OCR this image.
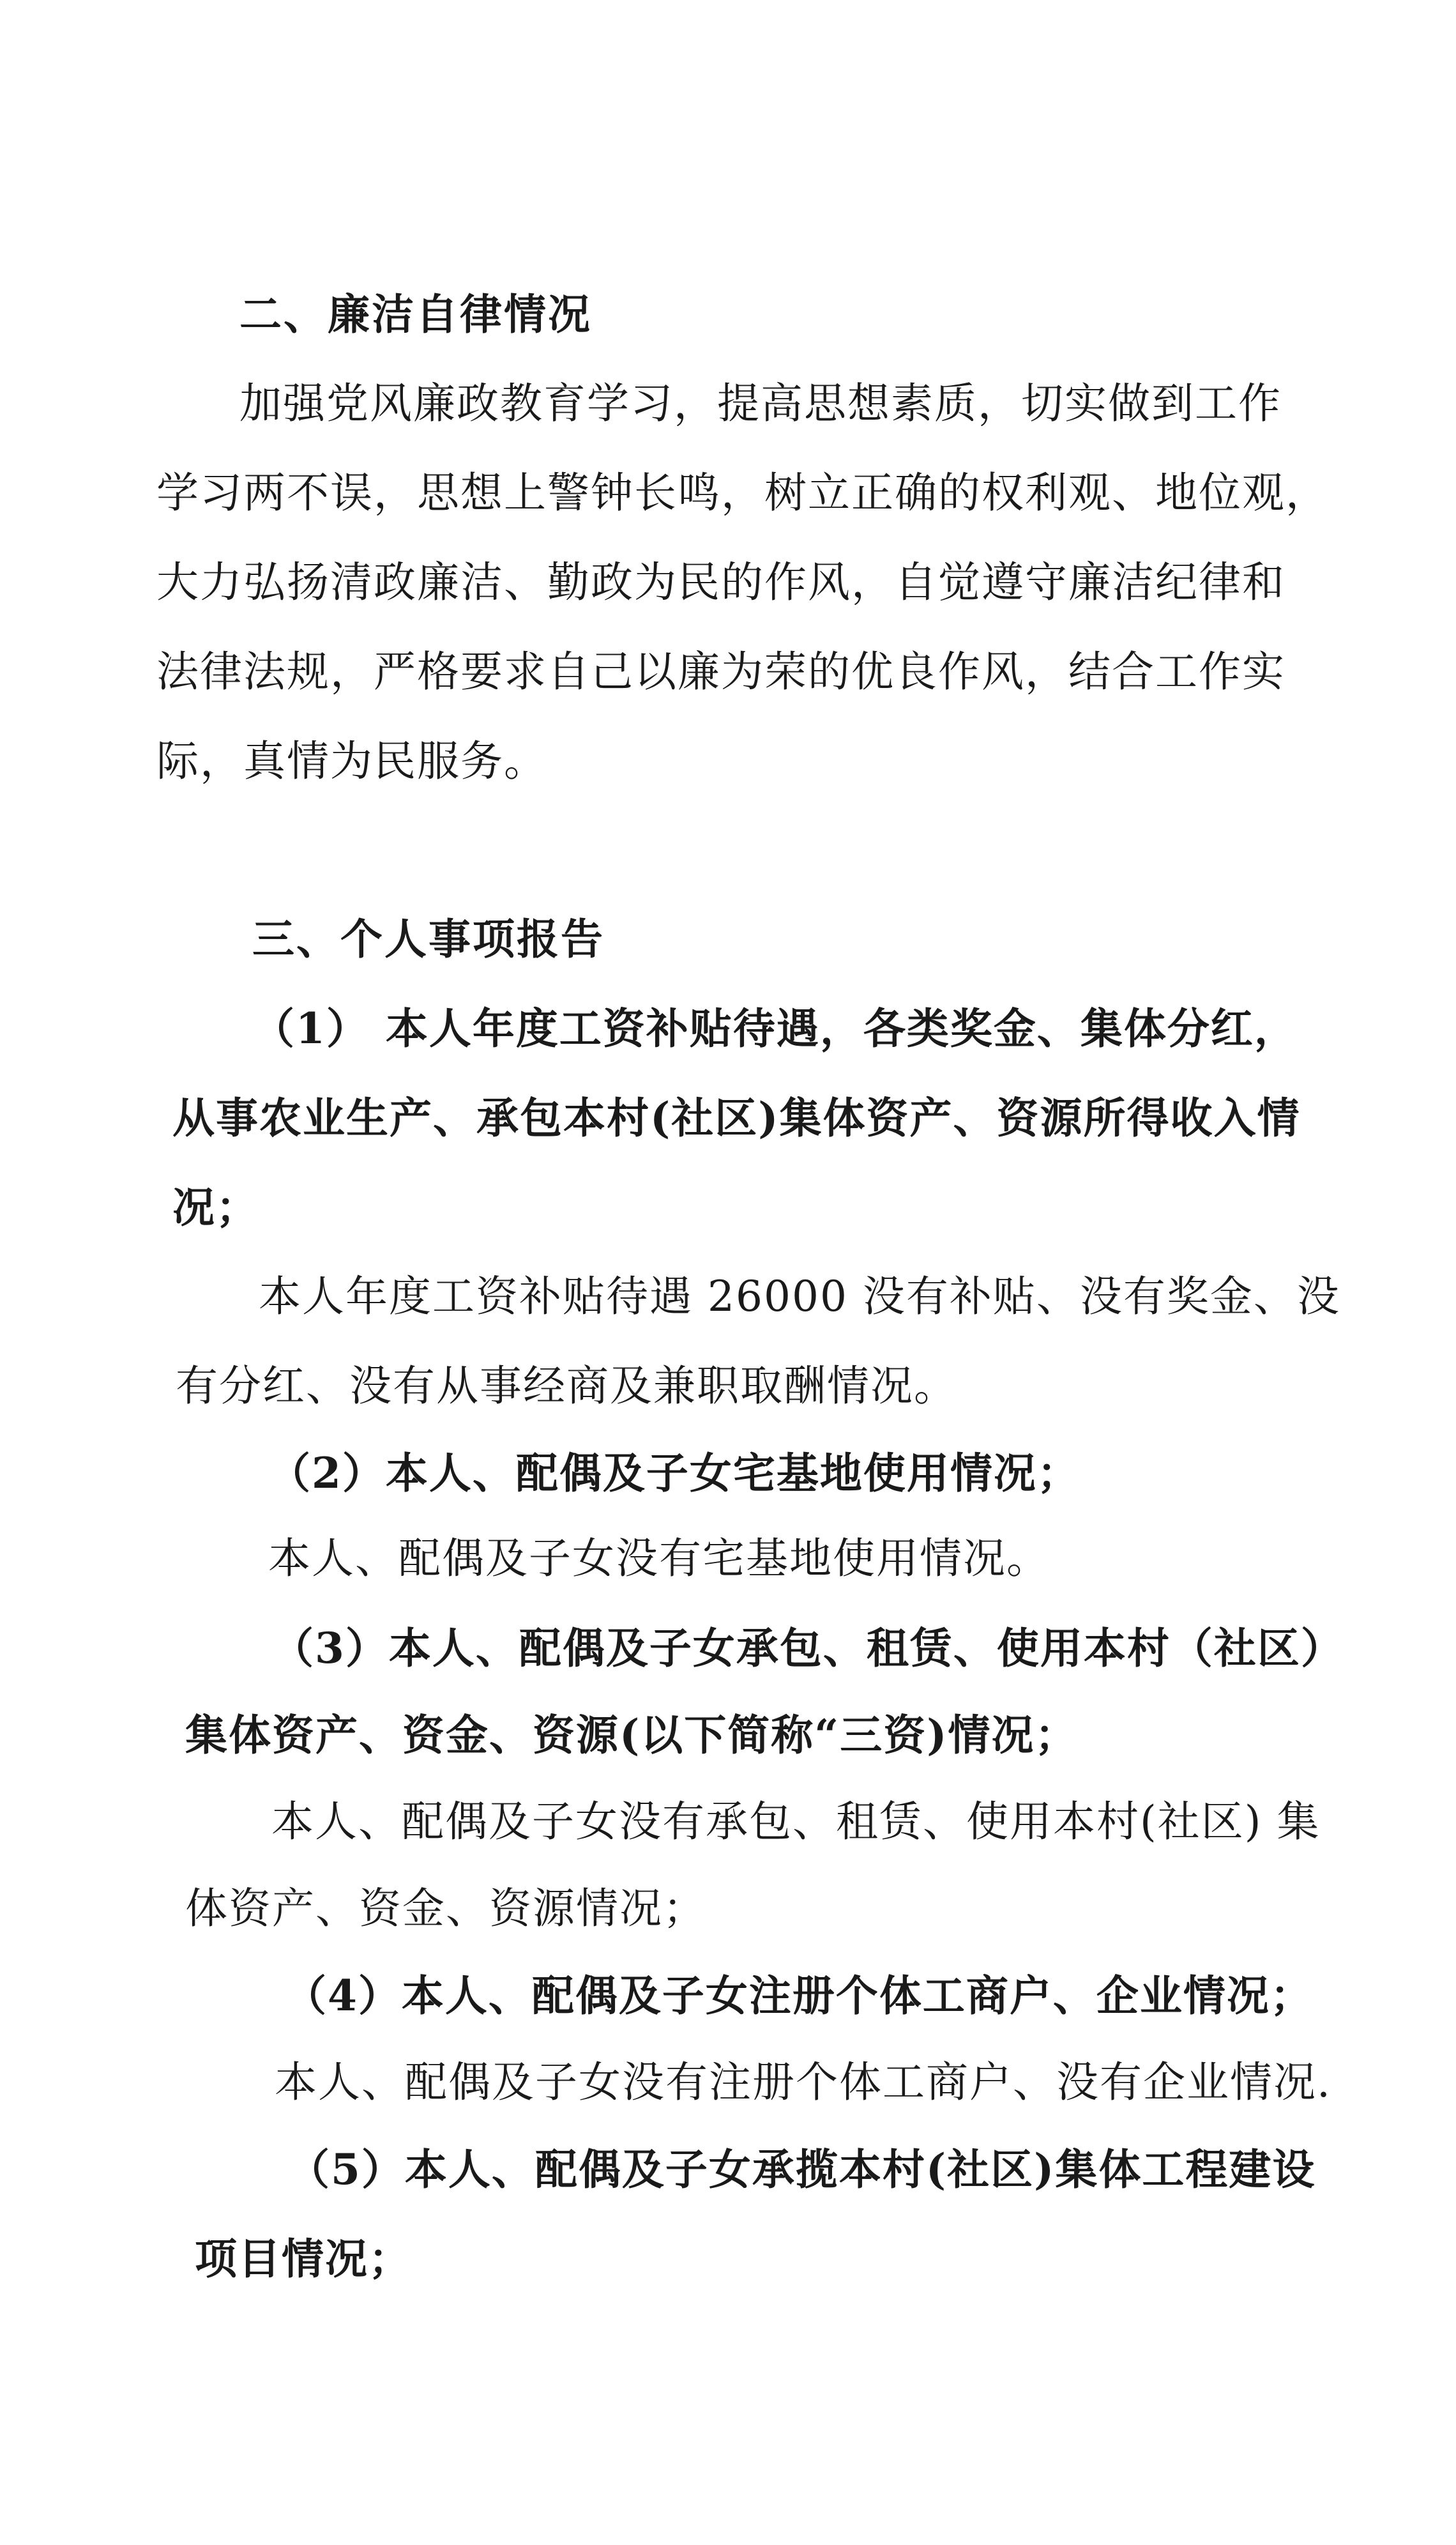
二、廉洁自律情况
加强党风廉政教育学习，提高思想素质，切实做到工作
学习两不误，思想上警钟长鸣，树立正确的权利观、地位观，
大力弘扬清政廉洁、勤政为民的作风，自觉遵守廉洁纪律和
法律法规，严格要求自己以廉为荣的优良作风，结合工作实
际，真情为民服务。
三、个人事项报告
（1） 本人年度工资补贴待遇，各类奖金、集体分红，
从事农业生产、承包本村(社区)集体资产、资源所得收入情
况；
本人年度工资补贴待遇 26000 没有补贴、没有奖金、没
有分红、没有从事经商及兼职取酬情况。
（2）本人、配偶及子女宅基地使用情况；
本人、配偶及子女没有宅基地使用情况。
（3）本人、配偶及子女承包、租赁、使用本村（社区）
集体资产、资金、资源(以下简称“三资)情况；
本人、配偶及子女没有承包、租赁、使用本村(社区) 集
体资产、资金、资源情况；
（4）本人、配偶及子女注册个体工商户、企业情况；
本人、配偶及子女没有注册个体工商户、没有企业情况.
（5）本人、配偶及子女承揽本村(社区)集体工程建设
项目情况；
